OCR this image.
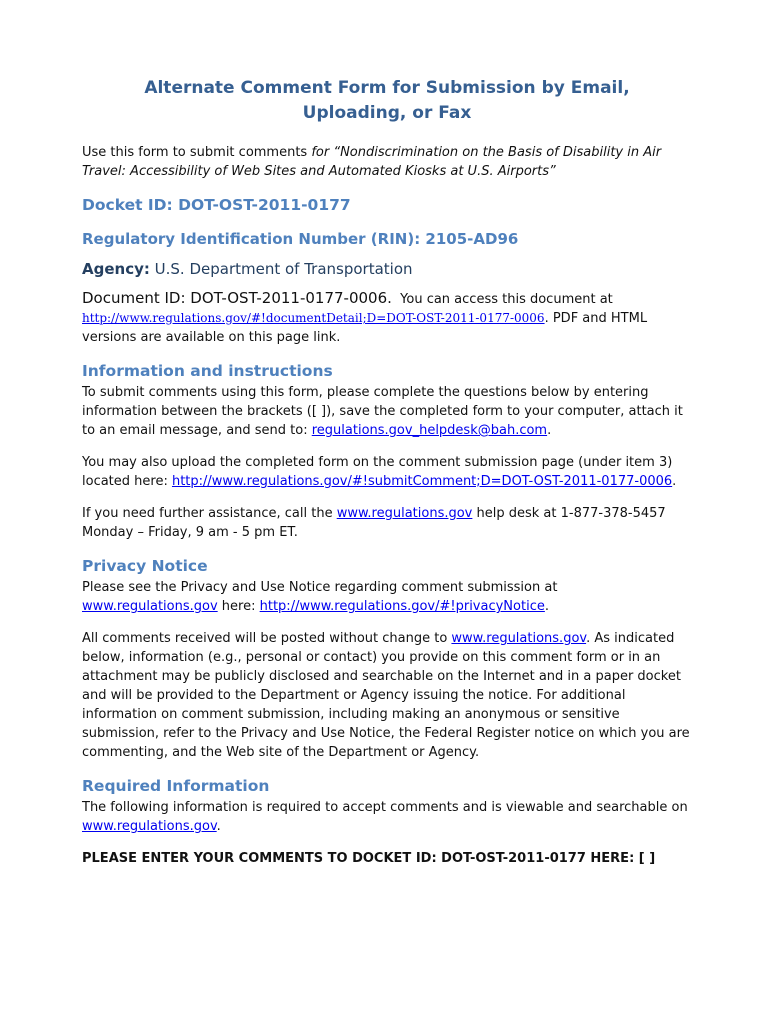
Alternate Comment Form for Submission by Email,
Uploading, or Fax

Use this form to submit comments for “Nondiscrimination on the Basis of Disability in Air Travel: Accessibility of Web Sites and Automated Kiosks at U.S. Airports”

Docket ID: DOT-OST-2011-0177
Regulatory Identification Number (RIN): 2105-AD96
Agency: U.S. Department of Transportation
Document ID: DOT-OST-2011-0177-0006. You can access this document at http://www.regulations.gov/#!documentDetail;D=DOT-OST-2011-0177-0006. PDF and HTML versions are available on this page link.
Information and instructions

To submit comments using this form, please complete the questions below by entering information between the brackets ([ ]), save the completed form to your computer, attach it to an email message, and send to: regulations.gov_helpdesk@bah.com.

You may also upload the completed form on the comment submission page (under item 3) located here: http://www.regulations.gov/#!submitComment;D=DOT-OST-2011-0177-0006.

If you need further assistance, call the www.regulations.gov help desk at 1-877-378-5457 Monday – Friday, 9 am - 5 pm ET.

Privacy Notice

Please see the Privacy and Use Notice regarding comment submission at www.regulations.gov here: http://www.regulations.gov/#!privacyNotice.

All comments received will be posted without change to www.regulations.gov. As indicated below, information (e.g., personal or contact) you provide on this comment form or in an attachment may be publicly disclosed and searchable on the Internet and in a paper docket and will be provided to the Department or Agency issuing the notice. For additional information on comment submission, including making an anonymous or sensitive submission, refer to the Privacy and Use Notice, the Federal Register notice on which you are commenting, and the Web site of the Department or Agency.

Required Information

The following information is required to accept comments and is viewable and searchable on www.regulations.gov.

PLEASE ENTER YOUR COMMENTS TO DOCKET ID: DOT-OST-2011-0177 HERE: [ ]
